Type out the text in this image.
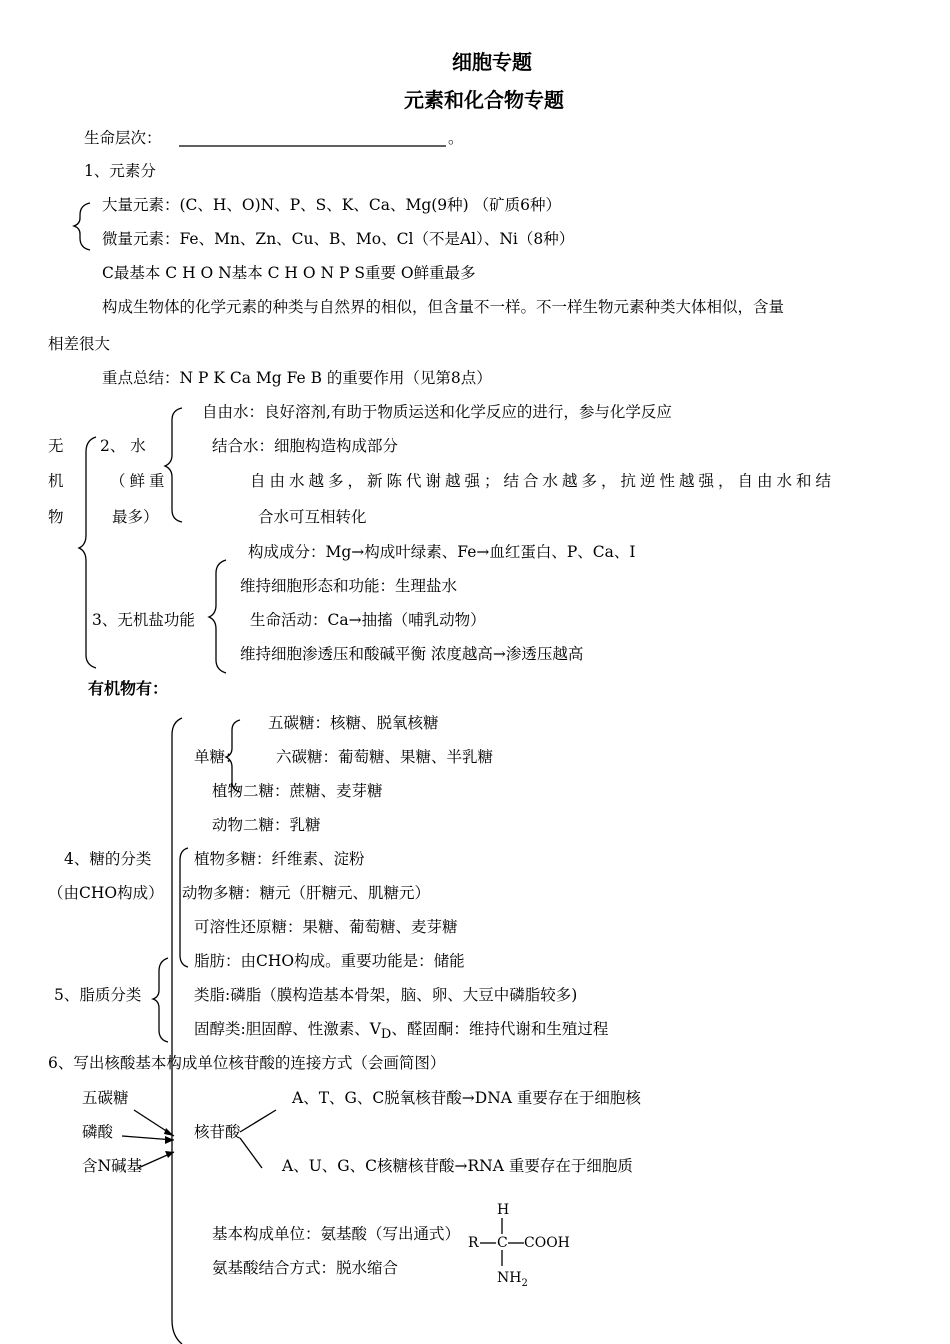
细胞专题
元素和化合物专题
生命层次：	。
1、元素分
大量元素：(C、H、O)N、P、S、K、Ca、Mg(9种) （矿质6种）
微量元素：Fe、Mn、Zn、Cu、B、Mo、Cl（不是Al）、Ni（8种）
C最基本 C H O N基本 C H O N P S重要 O鲜重最多
构成生物体的化学元素的种类与自然界的相似，但含量不一样。不一样生物元素种类大体相似，含量
相差很大
重点总结：N P K Ca Mg Fe B 的重要作用（见第8点）
无
机
物
2、 水
（鲜重
最多）
自由水：良好溶剂,有助于物质运送和化学反应的进行，参与化学反应
结合水：细胞构造构成部分
自由水越多，新陈代谢越强；结合水越多，抗逆性越强，自由水和结
合水可互相转化
构成成分：Mg→构成叶绿素、Fe→血红蛋白、P、Ca、I
维持细胞形态和功能：生理盐水
3、无机盐功能	生命活动：Ca→抽搐（哺乳动物）
维持细胞渗透压和酸碱平衡 浓度越高→渗透压越高
有机物有：
五碳糖：核糖、脱氧核糖
单糖： 六碳糖：葡萄糖、果糖、半乳糖
植物二糖：蔗糖、麦芽糖
动物二糖：乳糖
4、糖的分类	植物多糖：纤维素、淀粉
（由CHO构成） 动物多糖：糖元（肝糖元、肌糖元）
可溶性还原糖：果糖、葡萄糖、麦芽糖
脂肪：由CHO构成。重要功能是：储能
5、脂质分类	类脂:磷脂（膜构造基本骨架，脑、卵、大豆中磷脂较多)
固醇类:胆固醇、性激素、$V_D$、醛固酮：维持代谢和生殖过程
6、写出核酸基本构成单位核苷酸的连接方式（会画简图）
五碳糖	A、T、G、C脱氧核苷酸→DNA 重要存在于细胞核
磷酸	核苷酸
含N碱基	A、U、G、C核糖核苷酸→RNA 重要存在于细胞质
基本构成单位：氨基酸（写出通式）
氨基酸结合方式：脱水缩合
H
R C COOH
$NH_2$
